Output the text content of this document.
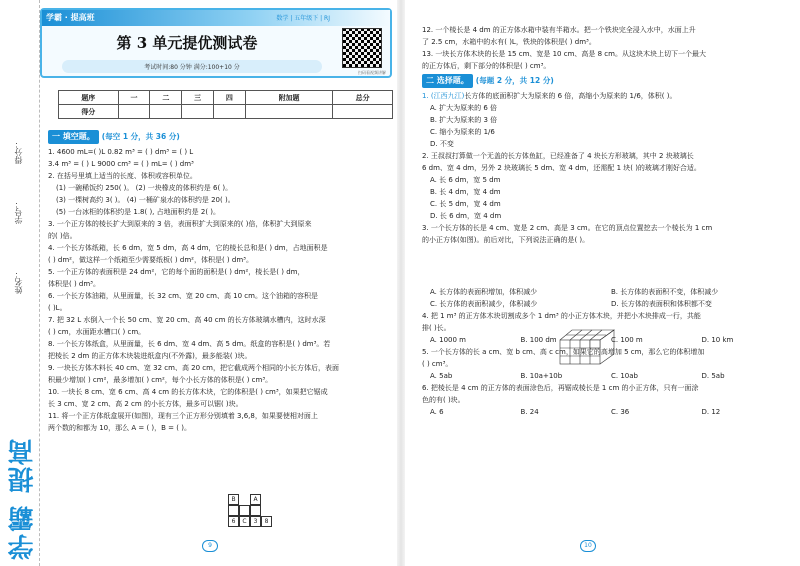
得分：
学号：
姓名：
学霸 提高
学霸 · 提高班	数学 | 五年级下 | RJ
第 3 单元提优测试卷
考试时间:80 分钟 满分:100+10 分
扫码看视频讲解
题序	一	二	三	四	附加题	总分
得分						
一 填空题。 (每空 1 分，共 36 分)

1. 4600 mL=( )L 0.82 m³ = ( ) dm³ = ( ) L

3.4 m³ = ( ) L 9000 cm³ = ( ) mL= ( ) dm³

2. 在括号里填上适当的长度、体积或容积单位。

(1) 一碗稀饭约 250( )。 (2) 一块橡皮的体积约是 6( )。

(3) 一棵树高约 3( )。 (4) 一桶矿泉水的体积约是 20( )。

(5) 一台冰柜的体积约是 1.8( ), 占地面积约是 2( )。

3. 一个正方体的棱长扩大到原来的 3 倍，表面积扩大到原来的( )倍，体积扩大到原来

的( )倍。

4. 一个长方体纸箱，长 6 dm，宽 5 dm，高 4 dm，它的棱长总和是( ) dm，占地面积是

( ) dm²，做这样一个纸箱至少需要纸板( ) dm²，体积是( ) dm³。

5. 一个正方体的表面积是 24 dm²，它的每个面的面积是( ) dm²，棱长是( ) dm，

体积是( ) dm³。

6. 一个长方体油箱，从里面量，长 32 cm、宽 20 cm、高 10 cm。这个油箱的容积是

( )L。

7. 把 32 L 水倒入一个长 50 cm、宽 20 cm、高 40 cm 的长方体玻璃水槽内，这时水深

( ) cm，水面距水槽口( ) cm。

8. 一个长方体纸盒，从里面量，长 6 dm、宽 4 dm、高 5 dm。纸盒的容积是( ) dm³。若

把棱长 2 dm 的正方体木块装进纸盒内(不外露)，最多能装( )块。

9. 一块长方体木料长 40 cm、宽 32 cm、高 20 cm，把它截成两个相同的小长方体后，表面

积最少增加( ) cm²，最多增加( ) cm²，每个小长方体的体积是( ) cm³。

10. 一块长 8 cm、宽 6 cm、高 4 cm 的长方体木块，它的体积是( ) cm³，如果把它锯成

长 3 cm、宽 2 cm、高 2 cm 的小长方体，最多可以锯( )块。

11. 将一个正方体纸盒展开(如图)，现有三个正方形分别填着 3,6,8，如果要使相对面上

两个数的和都为 10，那么 A = ( )，B = ( )。

A
6	C	3	8
B
9

12. 一个棱长是 4 dm 的正方体水箱中装有半箱水。把一个铁块完全浸入水中，水面上升

了 2.5 cm，水箱中的水有( )L，铁块的体积是( ) dm³。

13. 一块长方体木块的长是 15 cm、宽是 10 cm、高是 8 cm。从这块木块上切下一个最大

的正方体后，剩下部分的体积是( ) cm³。

二 选择题。 (每题 2 分，共 12 分)

1. (江西九江)长方体的底面积扩大为原来的 6 倍，高缩小为原来的 1/6，体积( )。

A. 扩大为原来的 6 倍

B. 扩大为原来的 3 倍

C. 缩小为原来的 1/6

D. 不变

2. 王叔叔打算做一个无盖的长方体鱼缸，已经准备了 4 块长方形玻璃，其中 2 块玻璃长

6 dm、宽 4 dm，另外 2 块玻璃长 5 dm、宽 4 dm，还需配 1 块( )的玻璃才刚好合适。

A. 长 6 dm，宽 5 dm

B. 长 4 dm，宽 4 dm

C. 长 5 dm，宽 4 dm

D. 长 6 dm，宽 4 dm

3. 一个长方体的长是 4 cm、宽是 2 cm、高是 3 cm。在它的顶点位置挖去一个棱长为 1 cm

的小正方体(如图)。前后对比，下列说法正确的是( )。

A. 长方体的表面积增加，体积减少	B. 长方体的表面积不变，体积减少
C. 长方体的表面积减少，体积减少	D. 长方体的表面积和体积都不变

4. 把 1 m³ 的正方体木块切割成多个 1 dm³ 的小正方体木块，并把小木块排成一行，共能

排( )长。

A. 1000 m	B. 100 dm	C. 100 m	D. 10 km

5. 一个长方体的长 a cm、宽 b cm、高 c cm，如果它的高增加 5 cm，那么它的体积增加

( ) cm³。

A. 5ab	B. 10a+10b	C. 10ab	D. 5ab

6. 把棱长是 4 cm 的正方体的表面涂色后，再锯成棱长是 1 cm 的小正方体，只有一面涂

色的有( )块。

A. 6	B. 24	C. 36	D. 12
10
